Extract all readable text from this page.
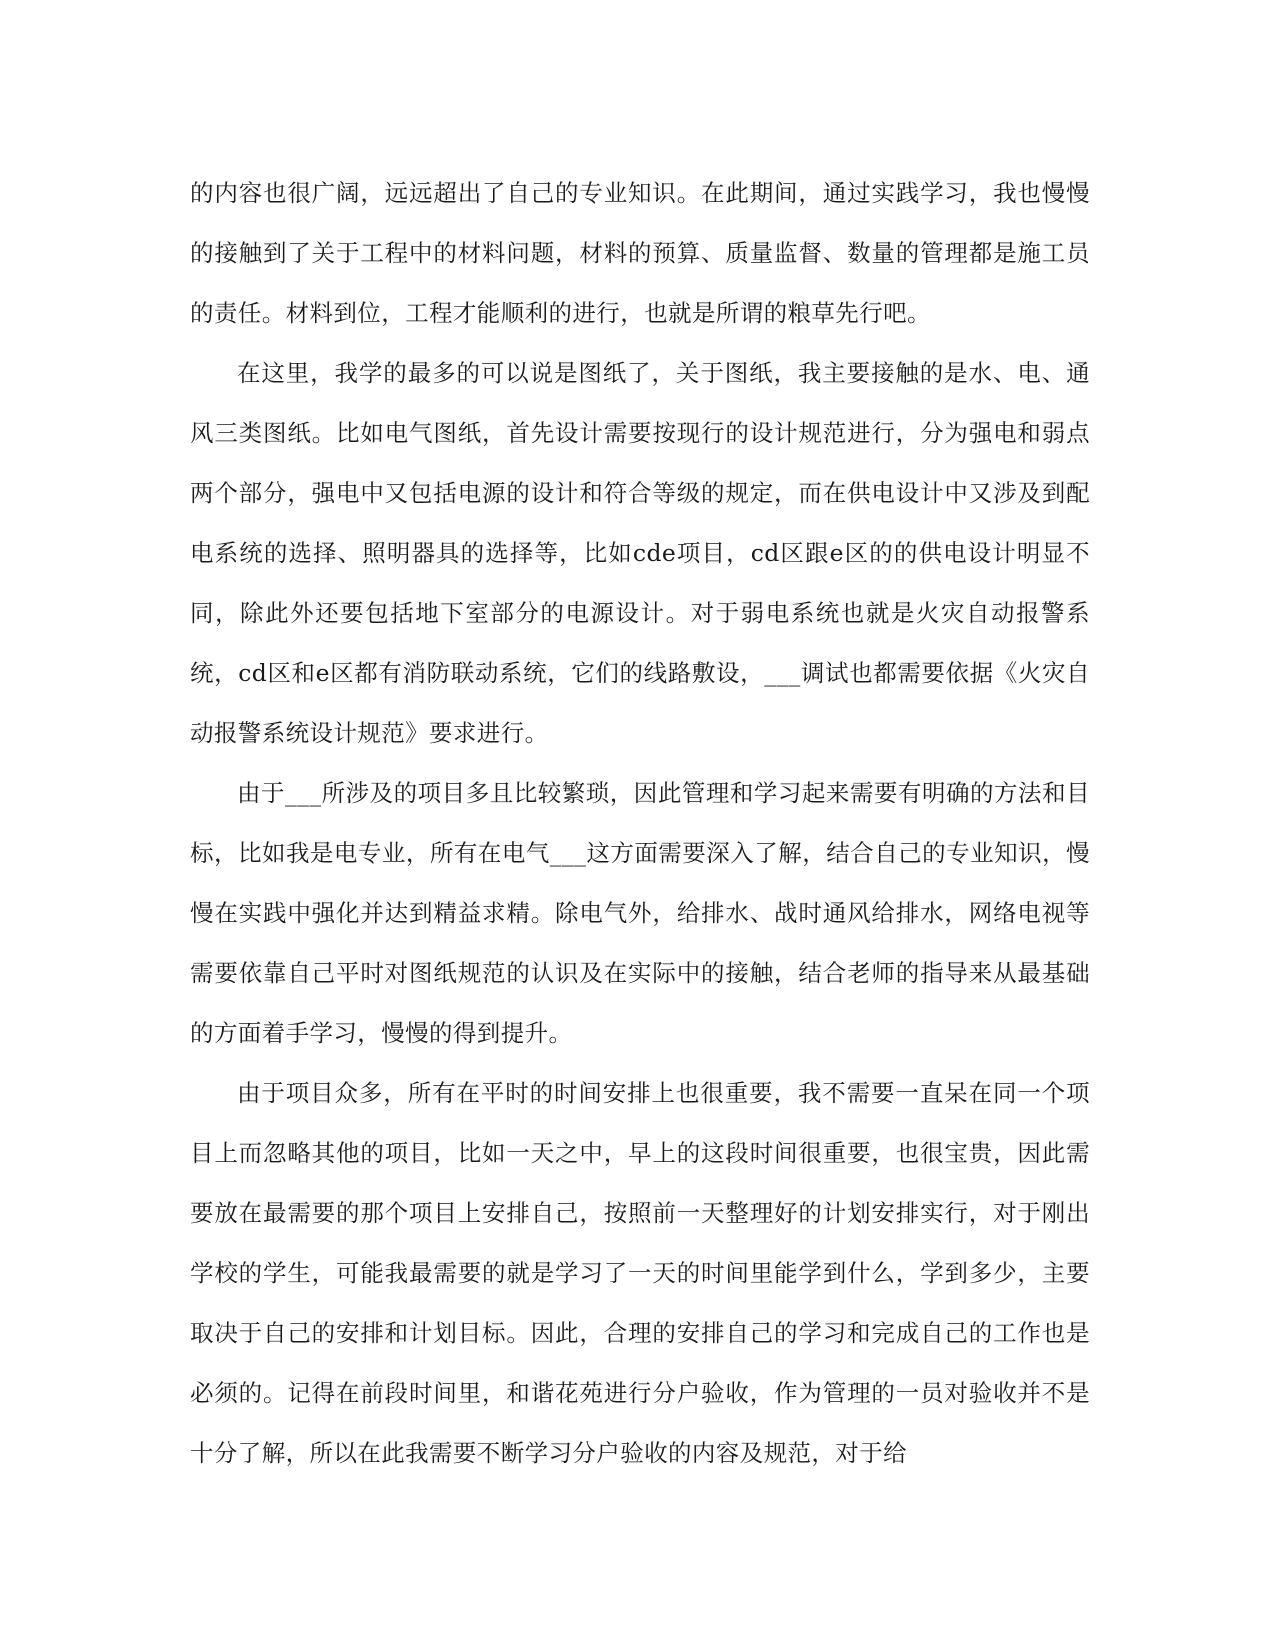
的内容也很广阔，远远超出了自己的专业知识。在此期间，通过实践学习，我也慢慢的接触到了关于工程中的材料问题，材料的预算、质量监督、数量的管理都是施工员的责任。材料到位，工程才能顺利的进行，也就是所谓的粮草先行吧。

在这里，我学的最多的可以说是图纸了，关于图纸，我主要接触的是水、电、通风三类图纸。比如电气图纸，首先设计需要按现行的设计规范进行，分为强电和弱点两个部分，强电中又包括电源的设计和符合等级的规定，而在供电设计中又涉及到配电系统的选择、照明器具的选择等，比如cde项目，cd区跟e区的的供电设计明显不同，除此外还要包括地下室部分的电源设计。对于弱电系统也就是火灾自动报警系统，cd区和e区都有消防联动系统，它们的线路敷设，___调试也都需要依据《火灾自动报警系统设计规范》要求进行。

由于___所涉及的项目多且比较繁琐，因此管理和学习起来需要有明确的方法和目标，比如我是电专业，所有在电气___这方面需要深入了解，结合自己的专业知识，慢慢在实践中强化并达到精益求精。除电气外，给排水、战时通风给排水，网络电视等需要依靠自己平时对图纸规范的认识及在实际中的接触，结合老师的指导来从最基础的方面着手学习，慢慢的得到提升。

由于项目众多，所有在平时的时间安排上也很重要，我不需要一直呆在同一个项目上而忽略其他的项目，比如一天之中，早上的这段时间很重要，也很宝贵，因此需要放在最需要的那个项目上安排自己，按照前一天整理好的计划安排实行，对于刚出学校的学生，可能我最需要的就是学习了一天的时间里能学到什么，学到多少，主要取决于自己的安排和计划目标。因此，合理的安排自己的学习和完成自己的工作也是必须的。记得在前段时间里，和谐花苑进行分户验收，作为管理的一员对验收并不是十分了解，所以在此我需要不断学习分户验收的内容及规范，对于给
